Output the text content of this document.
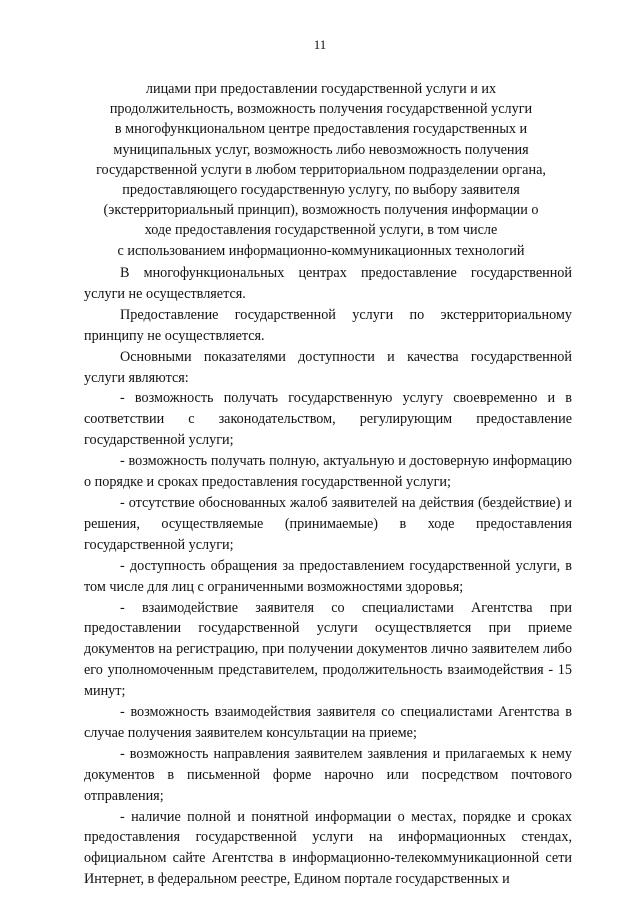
11
лицами при предоставлении государственной услуги и их
продолжительность, возможность получения государственной услуги
в многофункциональном центре предоставления государственных и
муниципальных услуг, возможность либо невозможность получения
государственной услуги в любом территориальном подразделении органа,
предоставляющего государственную услугу, по выбору заявителя
(экстерриториальный принцип), возможность получения информации о
ходе предоставления государственной услуги, в том числе
с использованием информационно-коммуникационных технологий

В многофункциональных центрах предоставление государственной услуги не осуществляется.

Предоставление государственной услуги по экстерриториальному принципу не осуществляется.

Основными показателями доступности и качества государственной услуги являются:

- возможность получать государственную услугу своевременно и в соответствии с законодательством, регулирующим предоставление государственной услуги;

- возможность получать полную, актуальную и достоверную информацию о порядке и сроках предоставления государственной услуги;

- отсутствие обоснованных жалоб заявителей на действия (бездействие) и решения, осуществляемые (принимаемые) в ходе предоставления государственной услуги;

- доступность обращения за предоставлением государственной услуги, в том числе для лиц с ограниченными возможностями здоровья;

- взаимодействие заявителя со специалистами Агентства при предоставлении государственной услуги осуществляется при приеме документов на регистрацию, при получении документов лично заявителем либо его уполномоченным представителем, продолжительность взаимодействия - 15 минут;

- возможность взаимодействия заявителя со специалистами Агентства в случае получения заявителем консультации на приеме;

- возможность направления заявителем заявления и прилагаемых к нему документов в письменной форме нарочно или посредством почтового отправления;

- наличие полной и понятной информации о местах, порядке и сроках предоставления государственной услуги на информационных стендах, официальном сайте Агентства в информационно-телекоммуникационной сети Интернет, в федеральном реестре, Едином портале государственных и
